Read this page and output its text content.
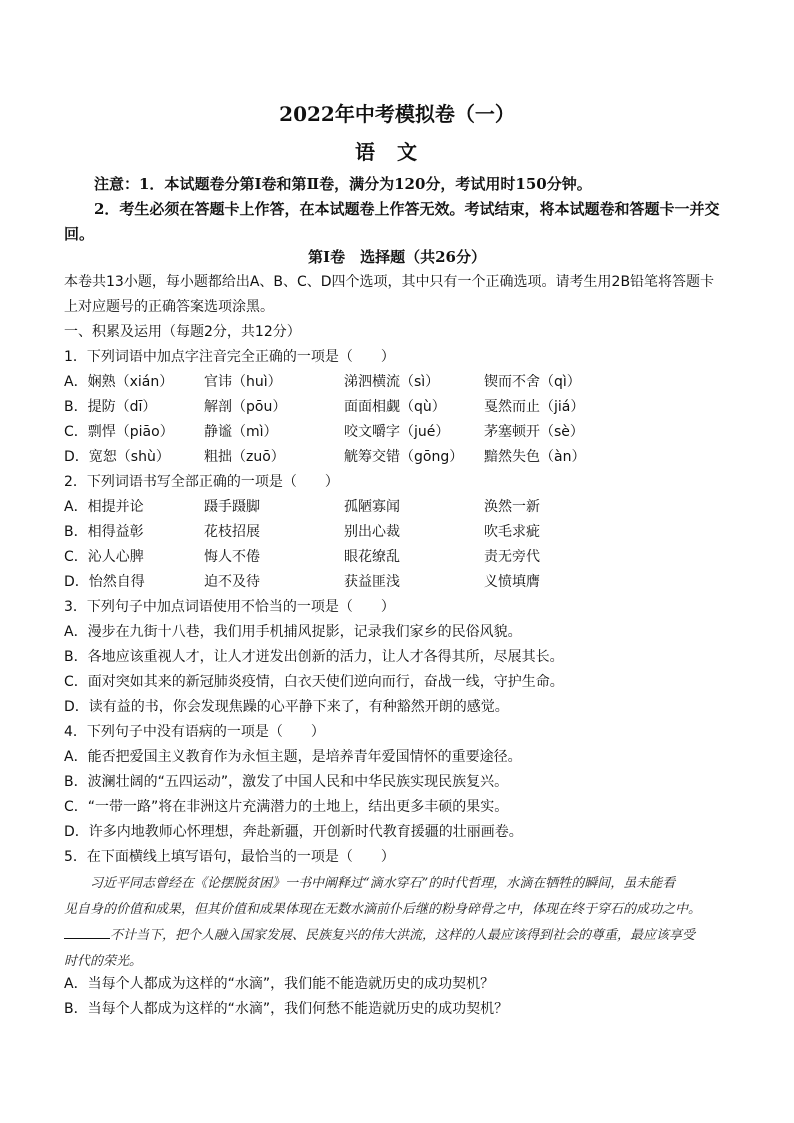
2022年中考模拟卷（一）
语文
注意：1．本试题卷分第Ⅰ卷和第Ⅱ卷，满分为120分，考试用时150分钟。
2．考生必须在答题卡上作答，在本试题卷上作答无效。考试结束，将本试题卷和答题卡一并交回。
第Ⅰ卷　选择题（共26分）
本卷共13小题，每小题都给出A、B、C、D四个选项，其中只有一个正确选项。请考生用2B铅笔将答题卡
上对应题号的正确答案选项涂黑。
一、积累及运用（每题2分，共12分）
1．下列词语中加点字注音完全正确的一项是（　　）
A．娴熟（xián） 官讳（huì）	涕泗横流（sì）	锲而不舍（qì）
B．提防（dī）	解剖（pōu）	面面相觑（qù）	戛然而止（jiá）
C．剽悍（piāo） 静谧（mì）	咬文嚼字（jué） 茅塞顿开（sè）
D．宽恕（shù） 粗拙（zuō）	觥筹交错（gōng） 黯然失色（àn）
2．下列词语书写全部正确的一项是（　　）
A．相提并论	蹑手蹑脚	孤陋寡闻	涣然一新
B．相得益彰	花枝招展	别出心裁	吹毛求疵
C．沁人心脾	悔人不倦	眼花缭乱	责无旁代
D．怡然自得	迫不及待	获益匪浅	义愤填膺
3．下列句子中加点词语使用不恰当的一项是（　　）
A．漫步在九街十八巷，我们用手机捕风捉影，记录我们家乡的民俗风貌。
B．各地应该重视人才，让人才迸发出创新的活力，让人才各得其所，尽展其长。
C．面对突如其来的新冠肺炎疫情，白衣天使们逆向而行，奋战一线，守护生命。
D．读有益的书，你会发现焦躁的心平静下来了，有种豁然开朗的感觉。
4．下列句子中没有语病的一项是（　　）
A．能否把爱国主义教育作为永恒主题，是培养青年爱国情怀的重要途径。
B．波澜壮阔的“五四运动”，激发了中国人民和中华民族实现民族复兴。
C．“一带一路”将在非洲这片充满潜力的土地上，结出更多丰硕的果实。
D．许多内地教师心怀理想，奔赴新疆，开创新时代教育援疆的壮丽画卷。
5．在下面横线上填写语句，最恰当的一项是（　　）
习近平同志曾经在《论摆脱贫困》一书中阐释过“滴水穿石”的时代哲理，水滴在牺牲的瞬间，虽未能看
见自身的价值和成果，但其价值和成果体现在无数水滴前仆后继的粉身碎骨之中，体现在终于穿石的成功之中。
不计当下，把个人融入国家发展、民族复兴的伟大洪流，这样的人最应该得到社会的尊重，最应该享受
时代的荣光。
A．当每个人都成为这样的“水滴”，我们能不能造就历史的成功契机？
B．当每个人都成为这样的“水滴”，我们何愁不能造就历史的成功契机？
